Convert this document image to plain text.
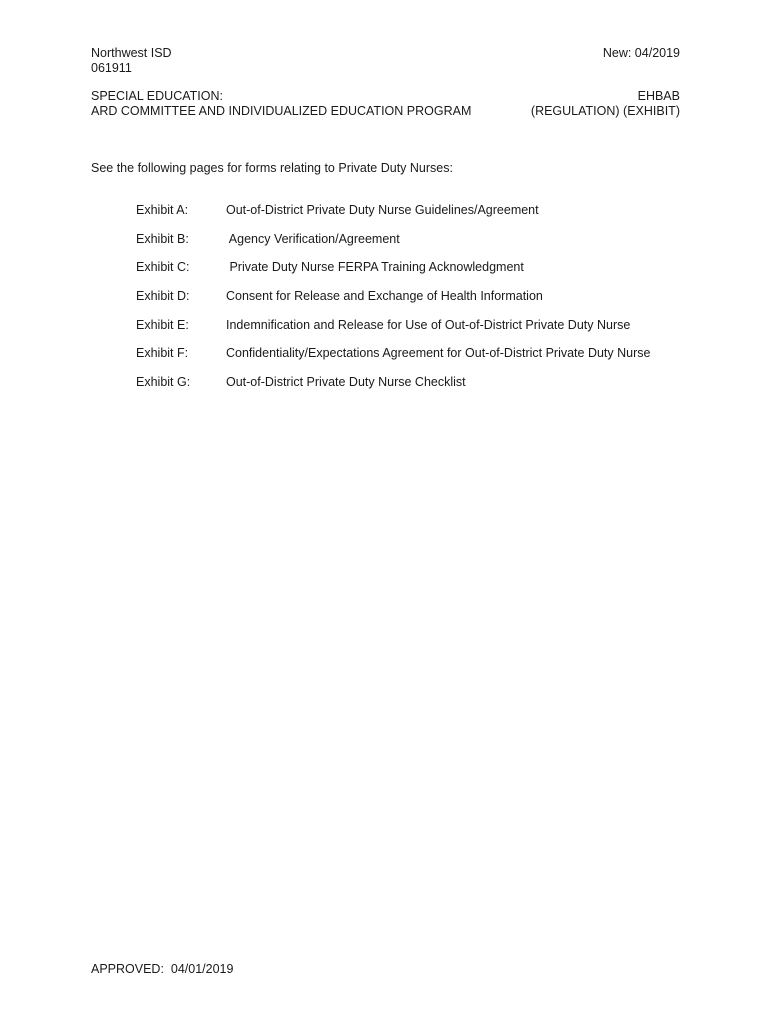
Northwest ISD
061911
New: 04/2019
SPECIAL EDUCATION:
ARD COMMITTEE AND INDIVIDUALIZED EDUCATION PROGRAM
EHBAB
(REGULATION) (EXHIBIT)
See the following pages for forms relating to Private Duty Nurses:
Exhibit A:	Out-of-District Private Duty Nurse Guidelines/Agreement
Exhibit B:	Agency Verification/Agreement
Exhibit C:	Private Duty Nurse FERPA Training Acknowledgment
Exhibit D:	Consent for Release and Exchange of Health Information
Exhibit E:	Indemnification and Release for Use of Out-of-District Private Duty Nurse
Exhibit F:	Confidentiality/Expectations Agreement for Out-of-District Private Duty Nurse
Exhibit G:	Out-of-District Private Duty Nurse Checklist
APPROVED:  04/01/2019
